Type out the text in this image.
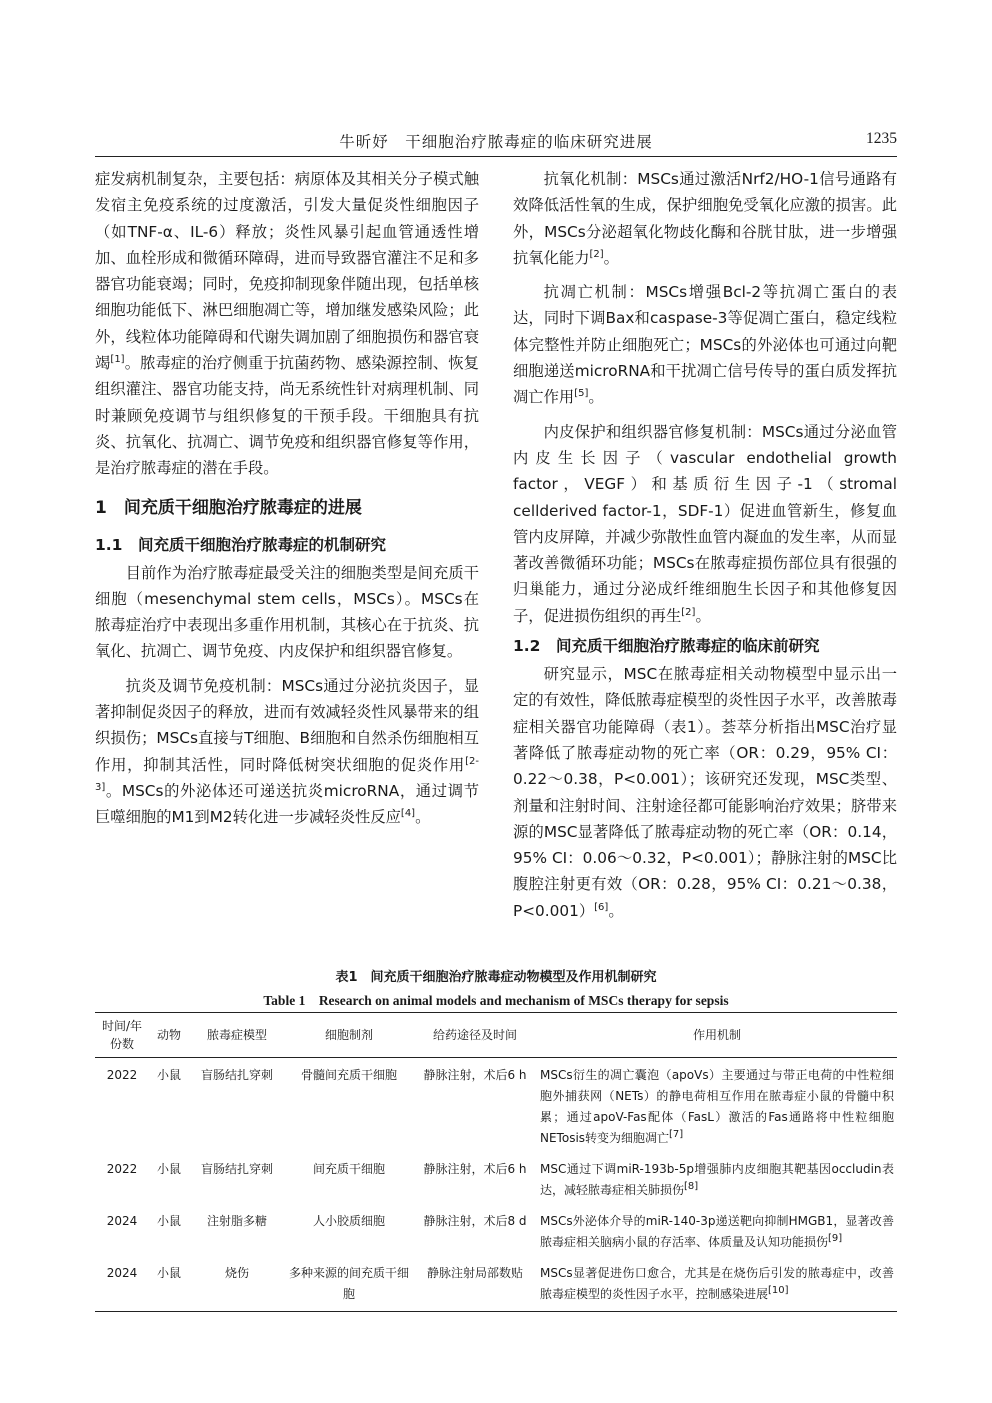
牛昕妤　干细胞治疗脓毒症的临床研究进展	1235

症发病机制复杂，主要包括：病原体及其相关分子模式触发宿主免疫系统的过度激活，引发大量促炎性细胞因子（如TNF-α、IL-6）释放；炎性风暴引起血管通透性增加、血栓形成和微循环障碍，进而导致器官灌注不足和多器官功能衰竭；同时，免疫抑制现象伴随出现，包括单核细胞功能低下、淋巴细胞凋亡等，增加继发感染风险；此外，线粒体功能障碍和代谢失调加剧了细胞损伤和器官衰竭[1]。脓毒症的治疗侧重于抗菌药物、感染源控制、恢复组织灌注、器官功能支持，尚无系统性针对病理机制、同时兼顾免疫调节与组织修复的干预手段。干细胞具有抗炎、抗氧化、抗凋亡、调节免疫和组织器官修复等作用，是治疗脓毒症的潜在手段。

1　间充质干细胞治疗脓毒症的进展
1.1　间充质干细胞治疗脓毒症的机制研究

目前作为治疗脓毒症最受关注的细胞类型是间充质干细胞（mesenchymal stem cells，MSCs）。MSCs在脓毒症治疗中表现出多重作用机制，其核心在于抗炎、抗氧化、抗凋亡、调节免疫、内皮保护和组织器官修复。

抗炎及调节免疫机制：MSCs通过分泌抗炎因子，显著抑制促炎因子的释放，进而有效减轻炎性风暴带来的组织损伤；MSCs直接与T细胞、B细胞和自然杀伤细胞相互作用，抑制其活性，同时降低树突状细胞的促炎作用[2-3]。MSCs的外泌体还可递送抗炎microRNA，通过调节巨噬细胞的M1到M2转化进一步减轻炎性反应[4]。

抗氧化机制：MSCs通过激活Nrf2/HO-1信号通路有效降低活性氧的生成，保护细胞免受氧化应激的损害。此外，MSCs分泌超氧化物歧化酶和谷胱甘肽，进一步增强抗氧化能力[2]。

抗凋亡机制：MSCs增强Bcl-2等抗凋亡蛋白的表达，同时下调Bax和caspase-3等促凋亡蛋白，稳定线粒体完整性并防止细胞死亡；MSCs的外泌体也可通过向靶细胞递送microRNA和干扰凋亡信号传导的蛋白质发挥抗凋亡作用[5]。

内皮保护和组织器官修复机制：MSCs通过分泌血管内皮生长因子（vascular endothelial growth factor，VEGF）和基质衍生因子-1（stromal cellderived factor-1，SDF-1）促进血管新生，修复血管内皮屏障，并减少弥散性血管内凝血的发生率，从而显著改善微循环功能；MSCs在脓毒症损伤部位具有很强的归巢能力，通过分泌成纤维细胞生长因子和其他修复因子，促进损伤组织的再生[2]。

1.2　间充质干细胞治疗脓毒症的临床前研究

研究显示，MSC在脓毒症相关动物模型中显示出一定的有效性，降低脓毒症模型的炎性因子水平，改善脓毒症相关器官功能障碍（表1）。荟萃分析指出MSC治疗显著降低了脓毒症动物的死亡率（OR：0.29，95% CI：0.22～0.38，P<0.001）；该研究还发现，MSC类型、剂量和注射时间、注射途径都可能影响治疗效果；脐带来源的MSC显著降低了脓毒症动物的死亡率（OR：0.14，95% CI：0.06～0.32，P<0.001）；静脉注射的MSC比腹腔注射更有效（OR：0.28，95% CI：0.21～0.38，P<0.001）[6]。

表1　间充质干细胞治疗脓毒症动物模型及作用机制研究
Table 1　Research on animal models and mechanism of MSCs therapy for sepsis
时间/年份数	动物	脓毒症模型	细胞制剂	给药途径及时间	作用机制
2022	小鼠	盲肠结扎穿刺	骨髓间充质干细胞	静脉注射，术后6 h	MSCs衍生的凋亡囊泡（apoVs）主要通过与带正电荷的中性粒细胞外捕获网（NETs）的静电荷相互作用在脓毒症小鼠的骨髓中积累；通过apoV-Fas配体（FasL）激活的Fas通路将中性粒细胞NETosis转变为细胞凋亡[7]
2022	小鼠	盲肠结扎穿刺	间充质干细胞	静脉注射，术后6 h	MSC通过下调miR-193b-5p增强肺内皮细胞其靶基因occludin表达，减轻脓毒症相关肺损伤[8]
2024	小鼠	注射脂多糖	人小胶质细胞	静脉注射，术后8 d	MSCs外泌体介导的miR-140-3p递送靶向抑制HMGB1，显著改善脓毒症相关脑病小鼠的存活率、体质量及认知功能损伤[9]
2024	小鼠	烧伤	多种来源的间充质干细胞	静脉注射局部数贴	MSCs显著促进伤口愈合，尤其是在烧伤后引发的脓毒症中，改善脓毒症模型的炎性因子水平，控制感染进展[10]
